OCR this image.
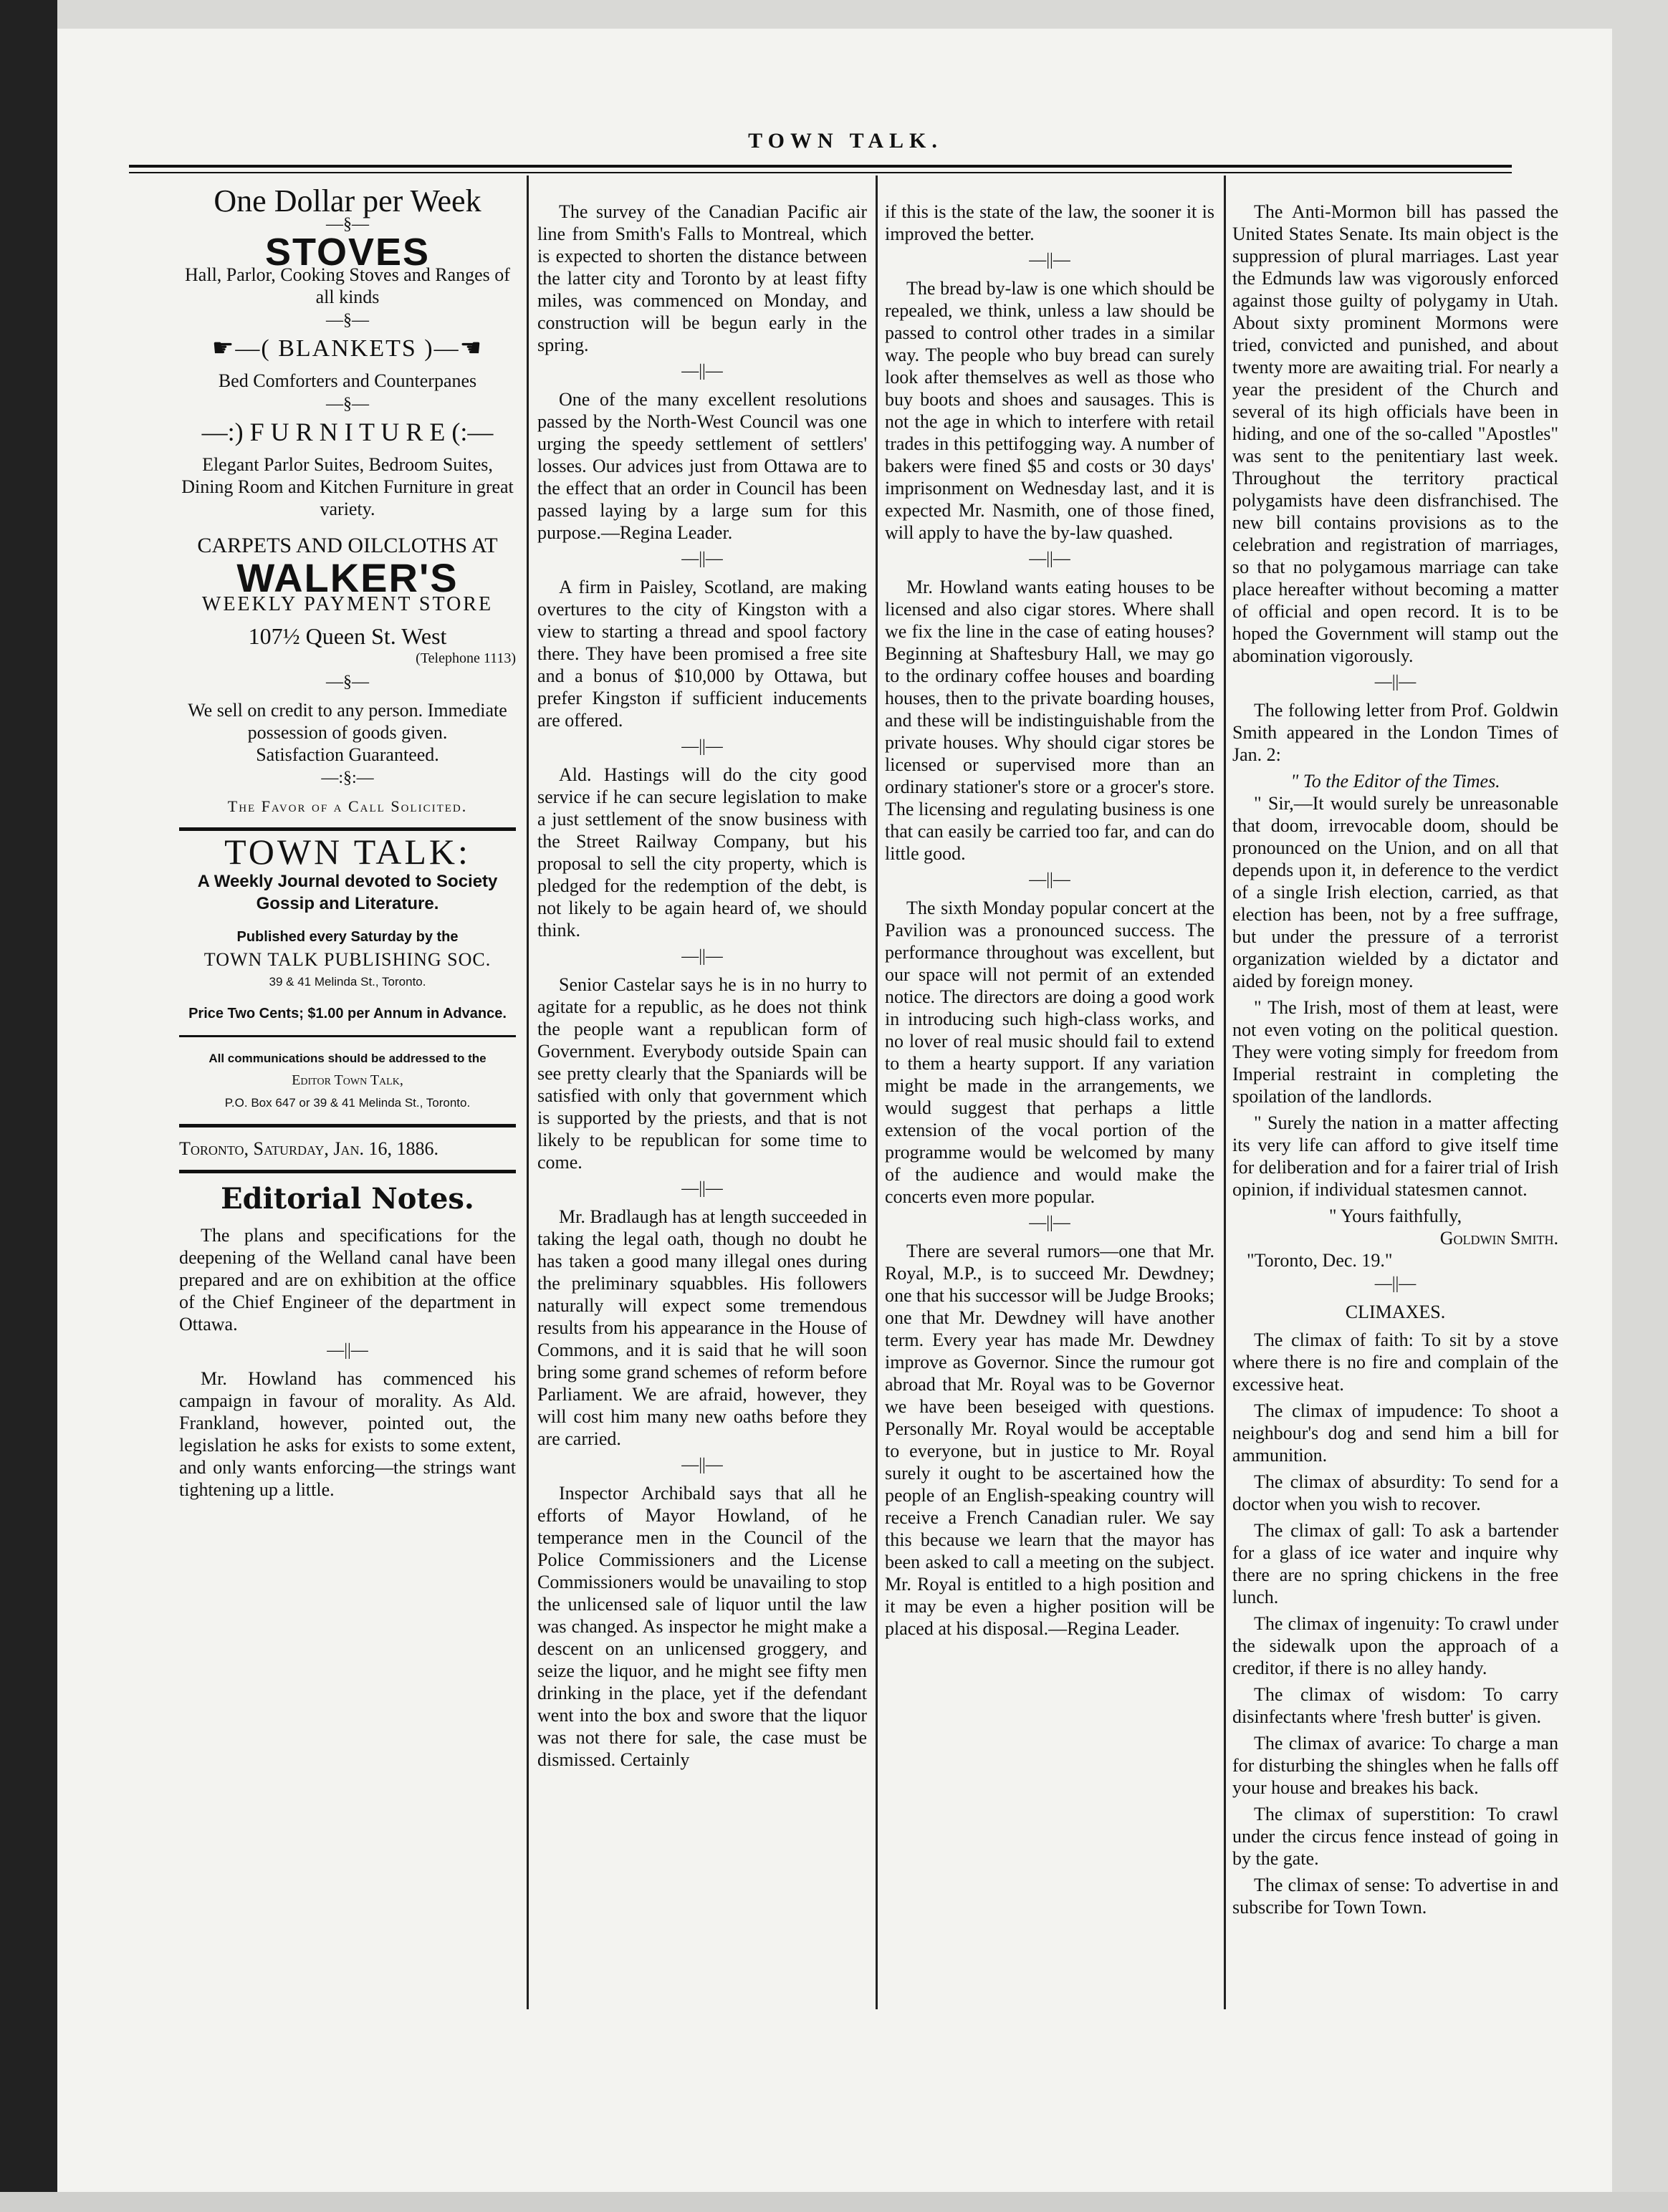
TOWN TALK.
One Dollar per Week
—§—
STOVES
Hall, Parlor, Cooking Stoves and Ranges of all kinds
—§—
☛—( BLANKETS )—☚
Bed Comforters and Counterpanes
—§—
—:) F U R N I T U R E (:—
Elegant Parlor Suites, Bedroom Suites, Dining Room and Kitchen Furniture in great variety.
CARPETS AND OILCLOTHS AT
WALKER'S
WEEKLY PAYMENT STORE
107½ Queen St. West
(Telephone 1113)
—§—
We sell on credit to any person. Immediate possession of goods given.
Satisfaction Guaranteed.
—:§:—
The Favor of a Call Solicited.
TOWN TALK:
A Weekly Journal devoted to Society Gossip and Literature.
Published every Saturday by the
TOWN TALK PUBLISHING SOC.
39 & 41 Melinda St., Toronto.
Price Two Cents; $1.00 per Annum in Advance.
All communications should be addressed to the
Editor Town Talk,
P.O. Box 647 or 39 & 41 Melinda St., Toronto.
Toronto, Saturday, Jan. 16, 1886.
Editorial Notes.

The plans and specifications for the deepening of the Welland canal have been prepared and are on exhibition at the office of the Chief Engineer of the department in Ottawa.

—||—

Mr. Howland has commenced his campaign in favour of morality. As Ald. Frankland, however, pointed out, the legislation he asks for exists to some extent, and only wants enforcing—the strings want tightening up a little.

The survey of the Canadian Pacific air line from Smith's Falls to Montreal, which is expected to shorten the distance between the latter city and Toronto by at least fifty miles, was commenced on Monday, and construction will be begun early in the spring.

—||—

One of the many excellent resolutions passed by the North-West Council was one urging the speedy settlement of settlers' losses. Our advices just from Ottawa are to the effect that an order in Council has been passed laying by a large sum for this purpose.—Regina Leader.

—||—

A firm in Paisley, Scotland, are making overtures to the city of Kingston with a view to starting a thread and spool factory there. They have been promised a free site and a bonus of $10,000 by Ottawa, but prefer Kingston if sufficient inducements are offered.

—||—

Ald. Hastings will do the city good service if he can secure legislation to make a just settlement of the snow business with the Street Railway Company, but his proposal to sell the city property, which is pledged for the redemption of the debt, is not likely to be again heard of, we should think.

—||—

Senior Castelar says he is in no hurry to agitate for a republic, as he does not think the people want a republican form of Government. Everybody outside Spain can see pretty clearly that the Spaniards will be satisfied with only that government which is supported by the priests, and that is not likely to be republican for some time to come.

—||—

Mr. Bradlaugh has at length succeeded in taking the legal oath, though no doubt he has taken a good many illegal ones during the preliminary squabbles. His followers naturally will expect some tremendous results from his appearance in the House of Commons, and it is said that he will soon bring some grand schemes of reform before Parliament. We are afraid, however, they will cost him many new oaths before they are carried.

—||—

Inspector Archibald says that all he efforts of Mayor Howland, of he temperance men in the Council of the Police Commissioners and the License Commissioners would be unavailing to stop the unlicensed sale of liquor until the law was changed. As inspector he might make a descent on an unlicensed groggery, and seize the liquor, and he might see fifty men drinking in the place, yet if the defendant went into the box and swore that the liquor was not there for sale, the case must be dismissed. Certainly

if this is the state of the law, the sooner it is improved the better.

—||—

The bread by-law is one which should be repealed, we think, unless a law should be passed to control other trades in a similar way. The people who buy bread can surely look after themselves as well as those who buy boots and shoes and sausages. This is not the age in which to interfere with retail trades in this pettifogging way. A number of bakers were fined $5 and costs or 30 days' imprisonment on Wednesday last, and it is expected Mr. Nasmith, one of those fined, will apply to have the by-law quashed.

—||—

Mr. Howland wants eating houses to be licensed and also cigar stores. Where shall we fix the line in the case of eating houses? Beginning at Shaftesbury Hall, we may go to the ordinary coffee houses and boarding houses, then to the private boarding houses, and these will be indistinguishable from the private houses. Why should cigar stores be licensed or supervised more than an ordinary stationer's store or a grocer's store. The licensing and regulating business is one that can easily be carried too far, and can do little good.

—||—

The sixth Monday popular concert at the Pavilion was a pronounced success. The performance throughout was excellent, but our space will not permit of an extended notice. The directors are doing a good work in introducing such high-class works, and no lover of real music should fail to extend to them a hearty support. If any variation might be made in the arrangements, we would suggest that perhaps a little extension of the vocal portion of the programme would be welcomed by many of the audience and would make the concerts even more popular.

—||—

There are several rumors—one that Mr. Royal, M.P., is to succeed Mr. Dewdney; one that his successor will be Judge Brooks; one that Mr. Dewdney will have another term. Every year has made Mr. Dewdney improve as Governor. Since the rumour got abroad that Mr. Royal was to be Governor we have been beseiged with questions. Personally Mr. Royal would be acceptable to everyone, but in justice to Mr. Royal surely it ought to be ascertained how the people of an English-speaking country will receive a French Canadian ruler. We say this because we learn that the mayor has been asked to call a meeting on the subject. Mr. Royal is entitled to a high position and it may be even a higher position will be placed at his disposal.—Regina Leader.

The Anti-Mormon bill has passed the United States Senate. Its main object is the suppression of plural marriages. Last year the Edmunds law was vigorously enforced against those guilty of polygamy in Utah. About sixty prominent Mormons were tried, convicted and punished, and about twenty more are awaiting trial. For nearly a year the president of the Church and several of its high officials have been in hiding, and one of the so-called "Apostles" was sent to the penitentiary last week. Throughout the territory practical polygamists have deen disfranchised. The new bill contains provisions as to the celebration and registration of marriages, so that no polygamous marriage can take place hereafter without becoming a matter of official and open record. It is to be hoped the Government will stamp out the abomination vigorously.

—||—

The following letter from Prof. Goldwin Smith appeared in the London Times of Jan. 2:

" To the Editor of the Times.

" Sir,—It would surely be unreasonable that doom, irrevocable doom, should be pronounced on the Union, and on all that depends upon it, in deference to the verdict of a single Irish election, carried, as that election has been, not by a free suffrage, but under the pressure of a terrorist organization wielded by a dictator and aided by foreign money.

" The Irish, most of them at least, were not even voting on the political question. They were voting simply for freedom from Imperial restraint in completing the spoilation of the landlords.

" Surely the nation in a matter affecting its very life can afford to give itself time for deliberation and for a fairer trial of Irish opinion, if individual statesmen cannot.

" Yours faithfully,
Goldwin Smith.
"Toronto, Dec. 19."
—||—
CLIMAXES.

The climax of faith: To sit by a stove where there is no fire and complain of the excessive heat.

The climax of impudence: To shoot a neighbour's dog and send him a bill for ammunition.

The climax of absurdity: To send for a doctor when you wish to recover.

The climax of gall: To ask a bartender for a glass of ice water and inquire why there are no spring chickens in the free lunch.

The climax of ingenuity: To crawl under the sidewalk upon the approach of a creditor, if there is no alley handy.

The climax of wisdom: To carry disinfectants where 'fresh butter' is given.

The climax of avarice: To charge a man for disturbing the shingles when he falls off your house and breakes his back.

The climax of superstition: To crawl under the circus fence instead of going in by the gate.

The climax of sense: To advertise in and subscribe for Town Town.
